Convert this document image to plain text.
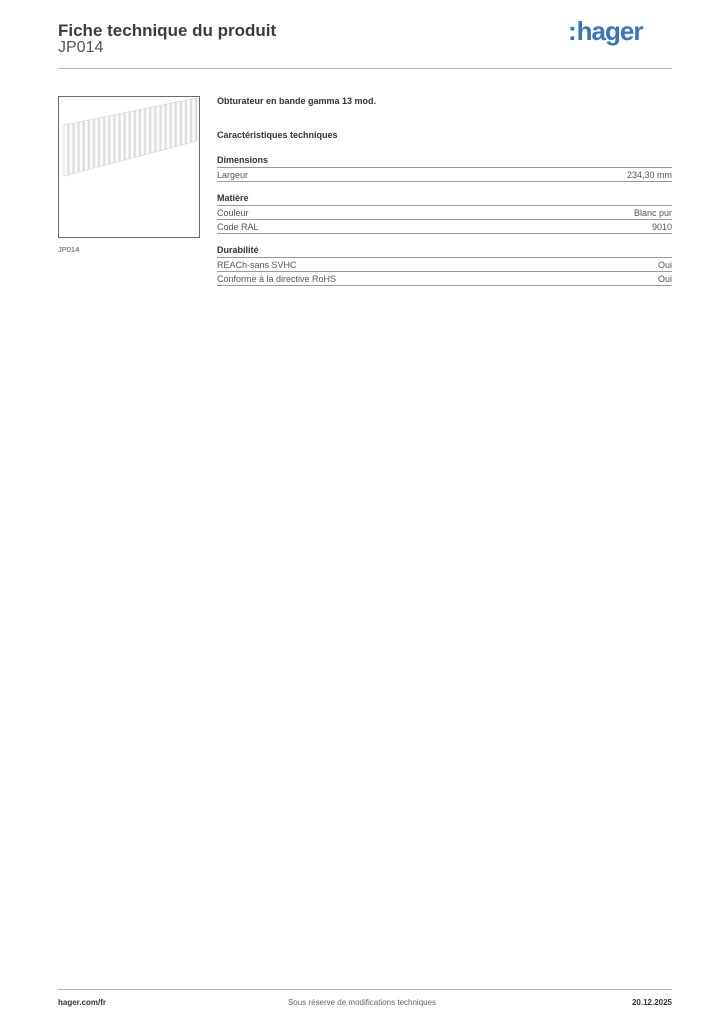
Fiche technique du produit
JP014
:hager
JP014
Obturateur en bande gamma 13 mod.
Caractéristiques techniques
Dimensions
Largeur	234,30 mm
Matière
Couleur	Blanc pur
Code RAL	9010
Durabilité
REACh-sans SVHC	Oui
Conforme à la directive RoHS	Oui
hager.com/fr	Sous réserve de modifications techniques	20.12.2025
